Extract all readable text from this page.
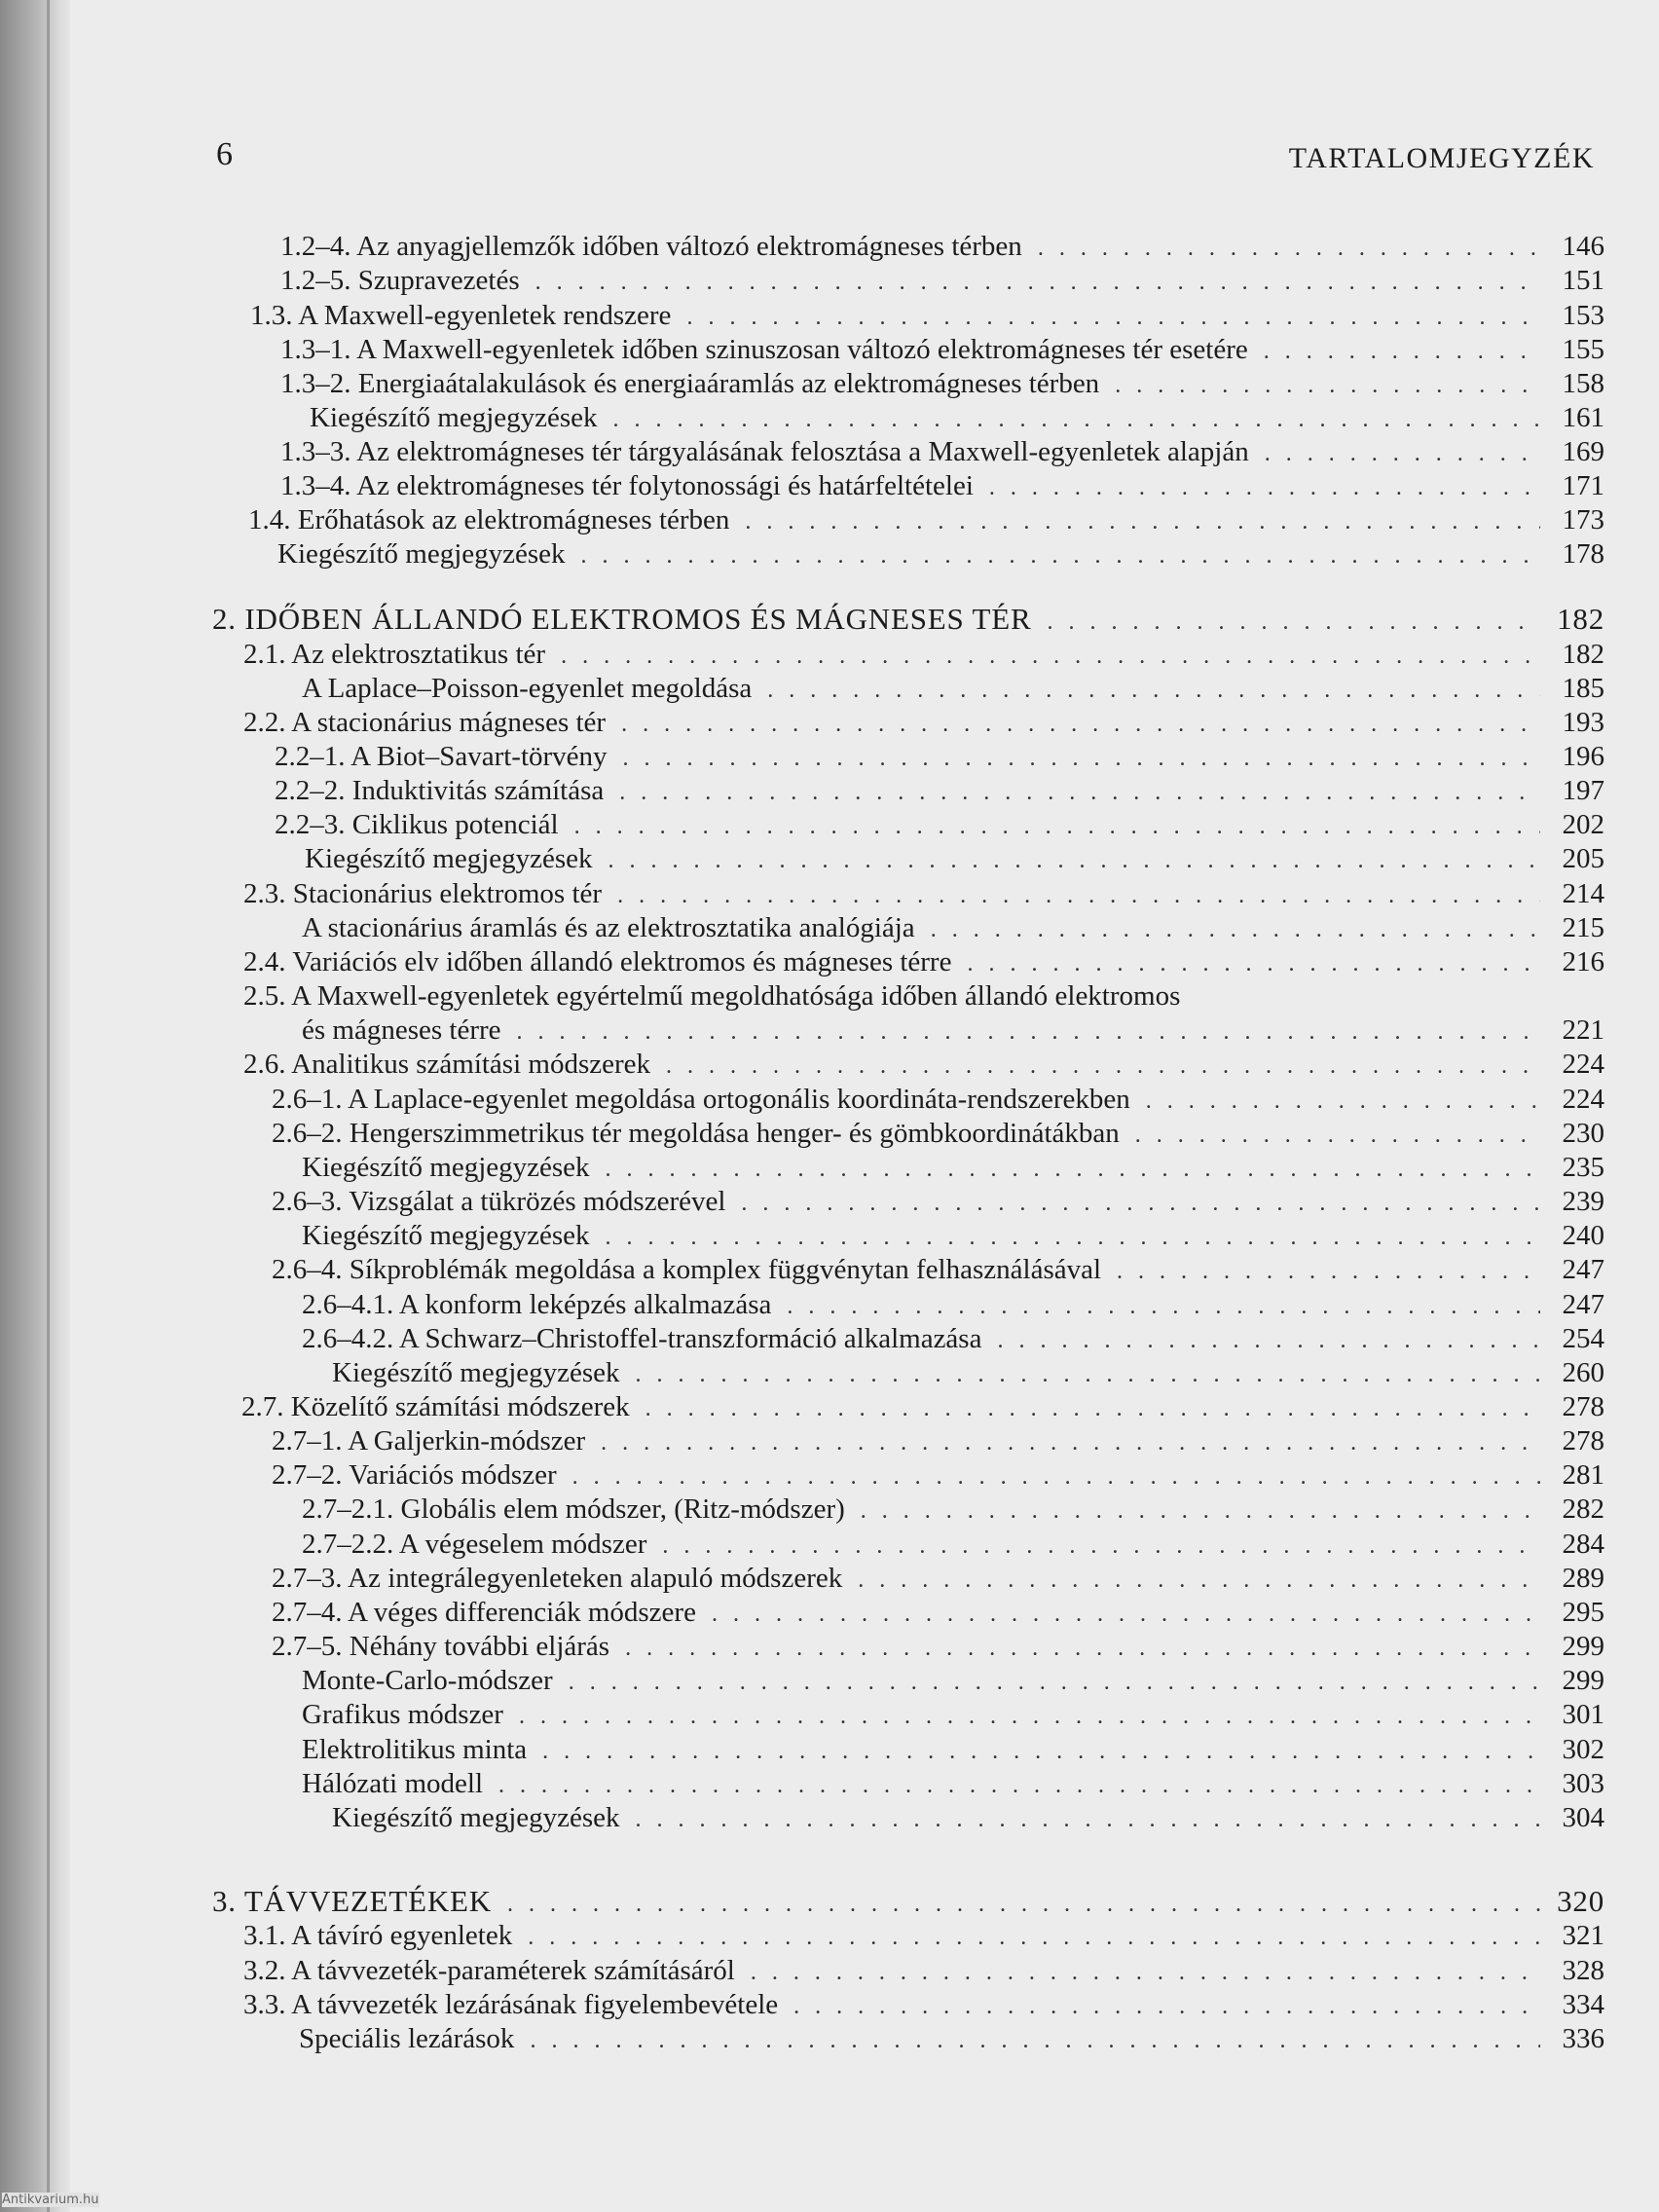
6	TARTALOMJEGYZÉK
1.2–4. Az anyagjellemzők időben változó elektromágneses térben . . .	146
1.2–5. Szupravezetés . . .	151
1.3. A Maxwell-egyenletek rendszere . . .	153
1.3–1. A Maxwell-egyenletek időben szinuszosan változó elektromágneses tér esetére . . .	155
1.3–2. Energiaátalakulások és energiaáramlás az elektromágneses térben . . .	158
Kiegészítő megjegyzések . . .	161
1.3–3. Az elektromágneses tér tárgyalásának felosztása a Maxwell-egyenletek alapján . . .	169
1.3–4. Az elektromágneses tér folytonossági és határfeltételei . . .	171
1.4. Erőhatások az elektromágneses térben . . .	173
Kiegészítő megjegyzések . . .	178
2. IDŐBEN ÁLLANDÓ ELEKTROMOS ÉS MÁGNESES TÉR . . .	182
2.1. Az elektrosztatikus tér . . .	182
A Laplace–Poisson-egyenlet megoldása . . .	185
2.2. A stacionárius mágneses tér . . .	193
2.2–1. A Biot–Savart-törvény . . .	196
2.2–2. Induktivitás számítása . . .	197
2.2–3. Ciklikus potenciál . . .	202
Kiegészítő megjegyzések . . .	205
2.3. Stacionárius elektromos tér . . .	214
A stacionárius áramlás és az elektrosztatika analógiája . . .	215
2.4. Variációs elv időben állandó elektromos és mágneses térre . . .	216
2.5. A Maxwell-egyenletek egyértelmű megoldhatósága időben állandó elektromos
és mágneses térre . . .	221
2.6. Analitikus számítási módszerek . . .	224
2.6–1. A Laplace-egyenlet megoldása ortogonális koordináta-rendszerekben . . .	224
2.6–2. Hengerszimmetrikus tér megoldása henger- és gömbkoordinátákban . . .	230
Kiegészítő megjegyzések . . .	235
2.6–3. Vizsgálat a tükrözés módszerével . . .	239
Kiegészítő megjegyzések . . .	240
2.6–4. Síkproblémák megoldása a komplex függvénytan felhasználásával . . .	247
2.6–4.1. A konform leképzés alkalmazása . . .	247
2.6–4.2. A Schwarz–Christoffel-transzformáció alkalmazása . . .	254
Kiegészítő megjegyzések . . .	260
2.7. Közelítő számítási módszerek . . .	278
2.7–1. A Galjerkin-módszer . . .	278
2.7–2. Variációs módszer . . .	281
2.7–2.1. Globális elem módszer, (Ritz-módszer) . . .	282
2.7–2.2. A végeselem módszer . . .	284
2.7–3. Az integrálegyenleteken alapuló módszerek . . .	289
2.7–4. A véges differenciák módszere . . .	295
2.7–5. Néhány további eljárás . . .	299
Monte-Carlo-módszer . . .	299
Grafikus módszer . . .	301
Elektrolitikus minta . . .	302
Hálózati modell . . .	303
Kiegészítő megjegyzések . . .	304
3. TÁVVEZETÉKEK . . .	320
3.1. A távíró egyenletek . . .	321
3.2. A távvezeték-paraméterek számításáról . . .	328
3.3. A távvezeték lezárásának figyelembevétele . . .	334
Speciális lezárások . . .	336
Antikvarium.hu
